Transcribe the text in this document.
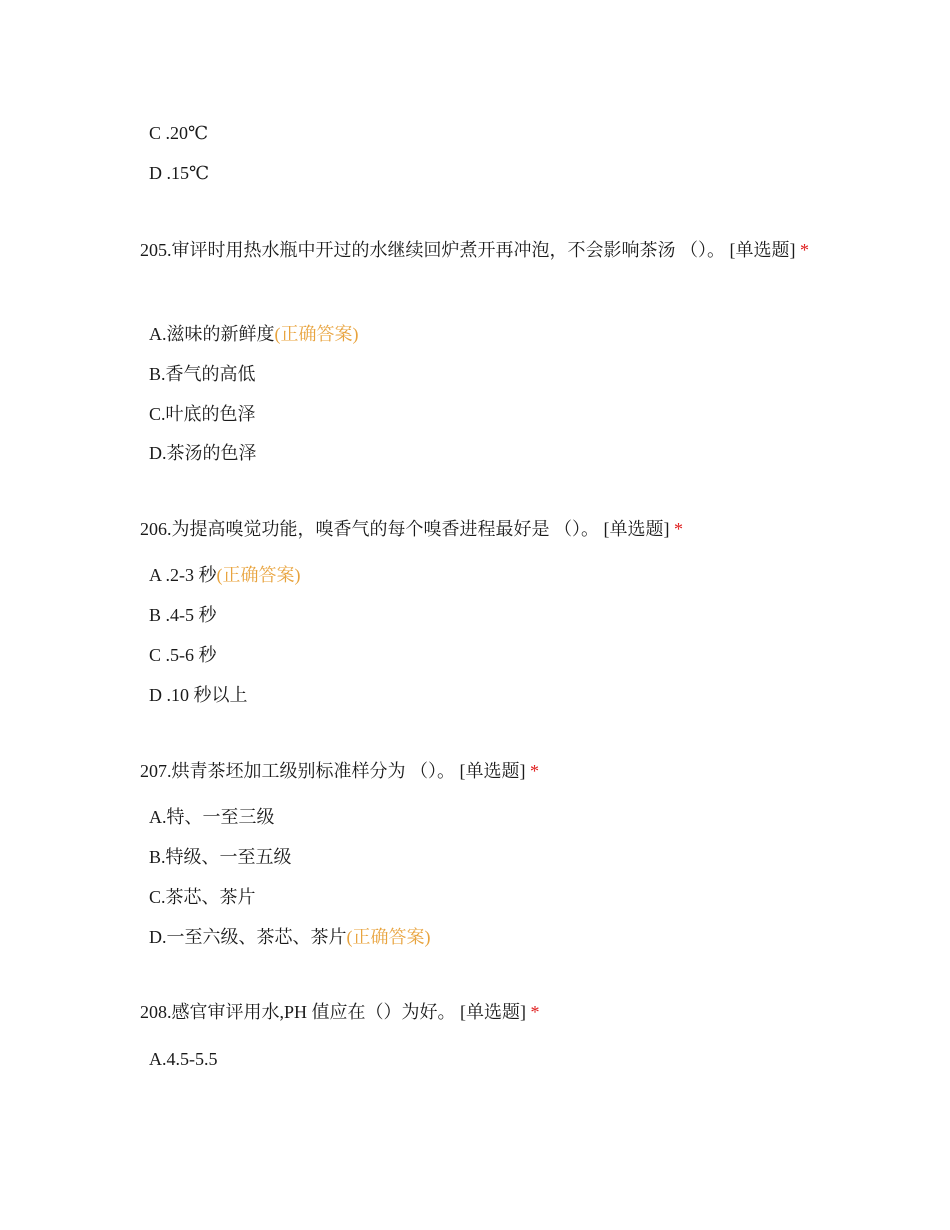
C .20℃
D .15℃
205.审评时用热水瓶中开过的水继续回炉煮开再冲泡，不会影响茶汤 （）。 [单选题] *
A.滋味的新鲜度(正确答案)
B.香气的高低
C.叶底的色泽
D.茶汤的色泽
206.为提高嗅觉功能，嗅香气的每个嗅香进程最好是 （）。 [单选题] *
A .2-3 秒(正确答案)
B .4-5 秒
C .5-6 秒
D .10 秒以上
207.烘青茶坯加工级别标准样分为 （）。 [单选题] *
A.特、一至三级
B.特级、一至五级
C.茶芯、茶片
D.一至六级、茶芯、茶片(正确答案)
208.感官审评用水,PH 值应在（）为好。 [单选题] *
A.4.5-5.5
